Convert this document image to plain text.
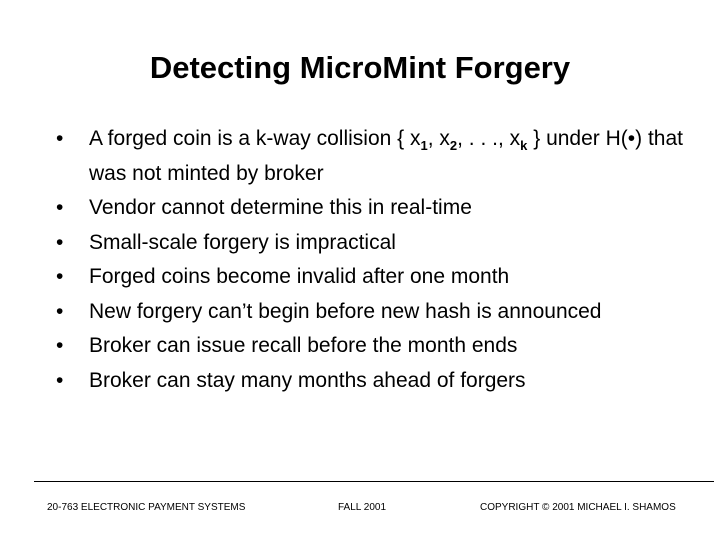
Detecting MicroMint Forgery
• A forged coin is a k-way collision { $x_1$, $x_2$, . . ., $x_k$ } under H(•) that was not minted by broker
• Vendor cannot determine this in real-time
• Small-scale forgery is impractical
• Forged coins become invalid after one month
• New forgery can’t begin before new hash is announced
• Broker can issue recall before the month ends
• Broker can stay many months ahead of forgers
20-763 ELECTRONIC PAYMENT SYSTEMS	FALL 2001	COPYRIGHT © 2001 MICHAEL I. SHAMOS
